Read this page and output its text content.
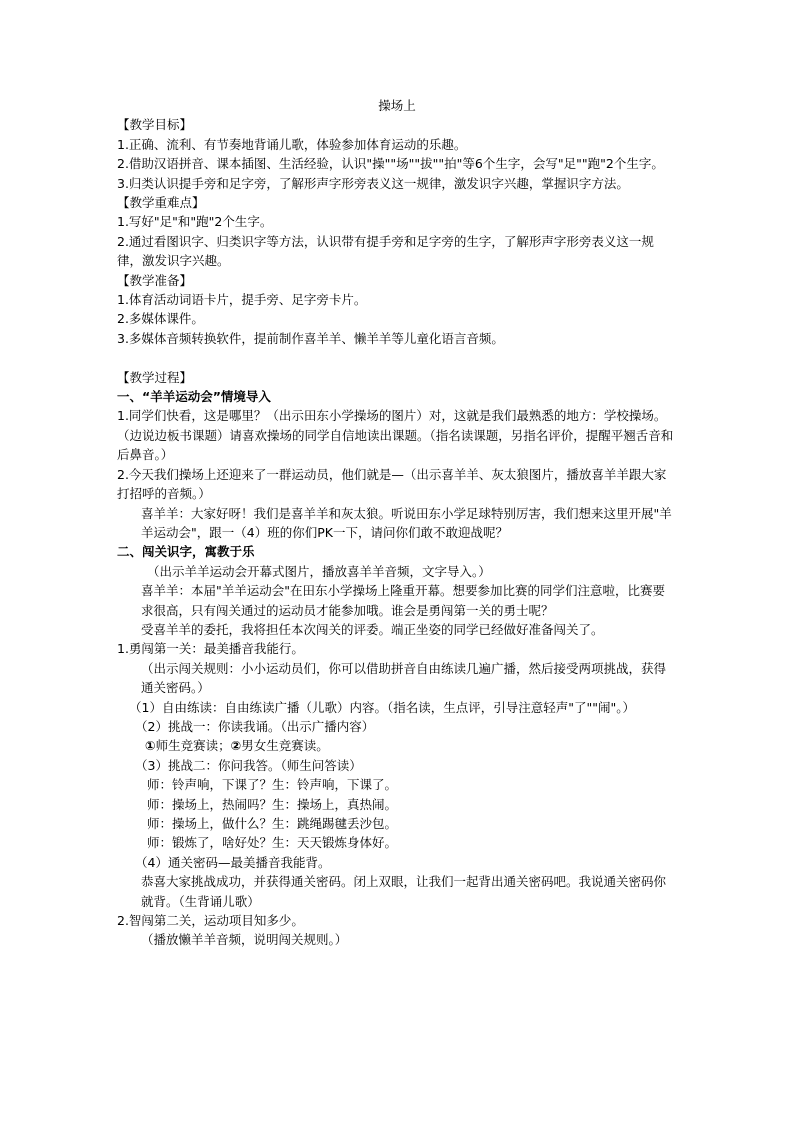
操场上
【教学目标】
1.正确、流利、有节奏地背诵儿歌，体验参加体育运动的乐趣。
2.借助汉语拼音、课本插图、生活经验，认识"操""场""拔""拍"等6个生字，会写"足""跑"2个生字。
3.归类认识提手旁和足字旁，了解形声字形旁表义这一规律，激发识字兴趣，掌握识字方法。
【教学重难点】
1.写好"足"和"跑"2个生字。
2.通过看图识字、归类识字等方法，认识带有提手旁和足字旁的生字，了解形声字形旁表义这一规律，激发识字兴趣。
【教学准备】
1.体育活动词语卡片，提手旁、足字旁卡片。
2.多媒体课件。
3.多媒体音频转换软件，提前制作喜羊羊、懒羊羊等儿童化语言音频。
【教学过程】
一、“羊羊运动会”情境导入
1.同学们快看，这是哪里？（出示田东小学操场的图片）对，这就是我们最熟悉的地方：学校操场。（边说边板书课题）请喜欢操场的同学自信地读出课题。（指名读课题，另指名评价，提醒平翘舌音和后鼻音。）
2.今天我们操场上还迎来了一群运动员，他们就是—（出示喜羊羊、灰太狼图片，播放喜羊羊跟大家打招呼的音频。）
喜羊羊：大家好呀！我们是喜羊羊和灰太狼。听说田东小学足球特别厉害，我们想来这里开展"羊羊运动会"，跟一（4）班的你们PK一下，请问你们敢不敢迎战呢？
二、闯关识字，寓教于乐
（出示羊羊运动会开幕式图片，播放喜羊羊音频，文字导入。）
喜羊羊：本届"羊羊运动会"在田东小学操场上隆重开幕。想要参加比赛的同学们注意啦，比赛要求很高，只有闯关通过的运动员才能参加哦。谁会是勇闯第一关的勇士呢？
受喜羊羊的委托，我将担任本次闯关的评委。端正坐姿的同学已经做好准备闯关了。
1.勇闯第一关：最美播音我能行。
（出示闯关规则：小小运动员们，你可以借助拼音自由练读几遍广播，然后接受两项挑战，获得通关密码。）
（1）自由练读：自由练读广播（儿歌）内容。（指名读，生点评，引导注意轻声"了""闹"。）
（2）挑战一：你读我诵。（出示广播内容）
①师生竞赛读；②男女生竞赛读。
（3）挑战二：你问我答。（师生问答读）
师：铃声响，下课了？生：铃声响，下课了。
师：操场上，热闹吗？生：操场上，真热闹。
师：操场上，做什么？生：跳绳踢毽丢沙包。
师：锻炼了，啥好处？生：天天锻炼身体好。
（4）通关密码—最美播音我能背。
恭喜大家挑战成功，并获得通关密码。闭上双眼，让我们一起背出通关密码吧。我说通关密码你就背。（生背诵儿歌）
2.智闯第二关，运动项目知多少。
（播放懒羊羊音频，说明闯关规则。）
